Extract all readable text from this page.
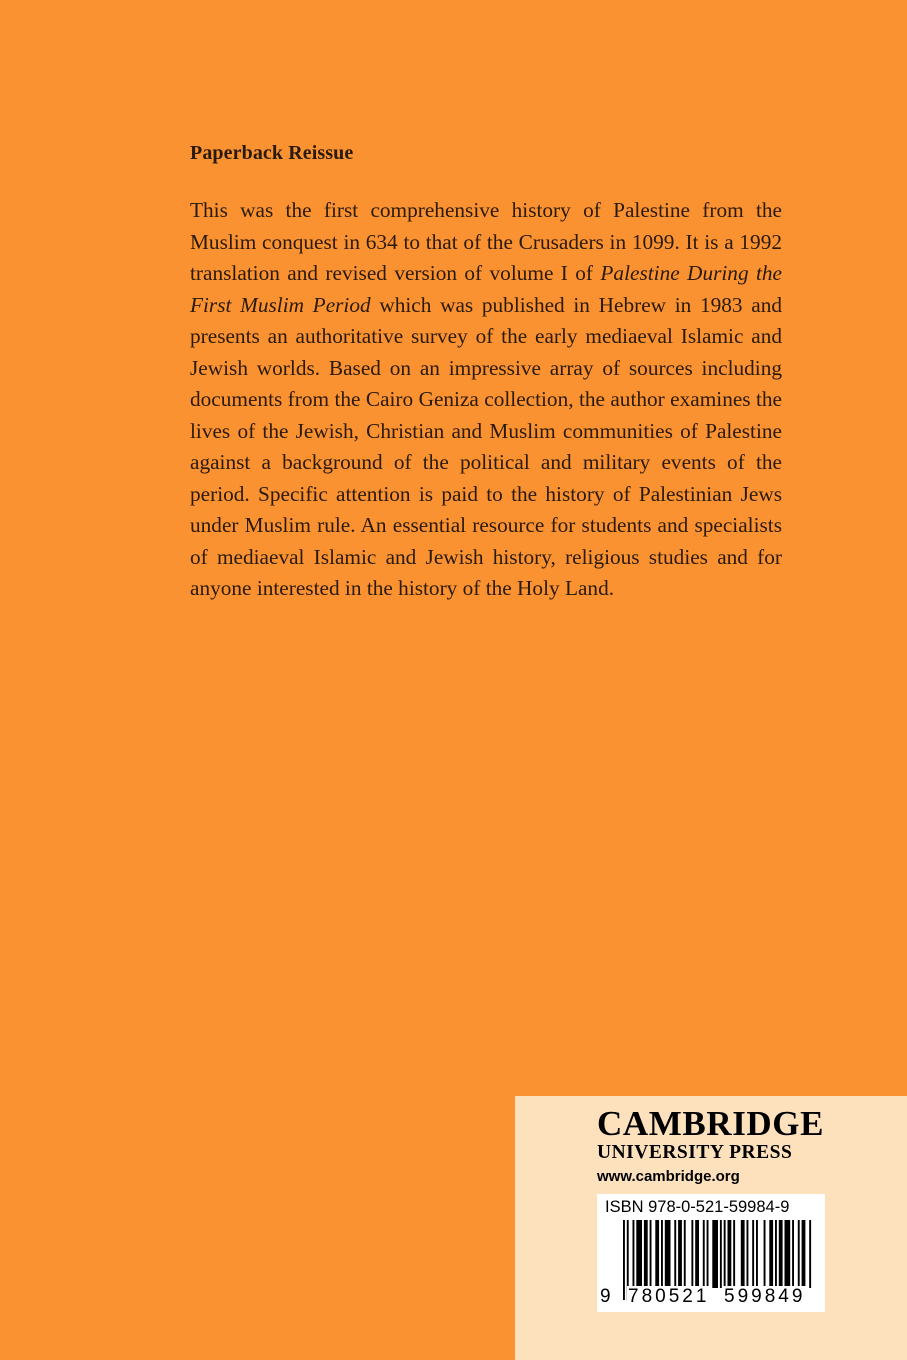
Paperback Reissue
This was the first comprehensive history of Palestine from the Muslim conquest in 634 to that of the Crusaders in 1099. It is a 1992 translation and revised version of volume I of Palestine During the First Muslim Period which was published in Hebrew in 1983 and presents an authoritative survey of the early mediaeval Islamic and Jewish worlds. Based on an impressive array of sources including documents from the Cairo Geniza collection, the author examines the lives of the Jewish, Christian and Muslim communities of Palestine against a background of the political and military events of the period. Specific attention is paid to the history of Palestinian Jews under Muslim rule. An essential resource for students and specialists of mediaeval Islamic and Jewish history, religious studies and for anyone interested in the history of the Holy Land.
CAMBRIDGE
UNIVERSITY PRESS
www.cambridge.org
ISBN 978-0-521-59984-9
9 780521 599849
